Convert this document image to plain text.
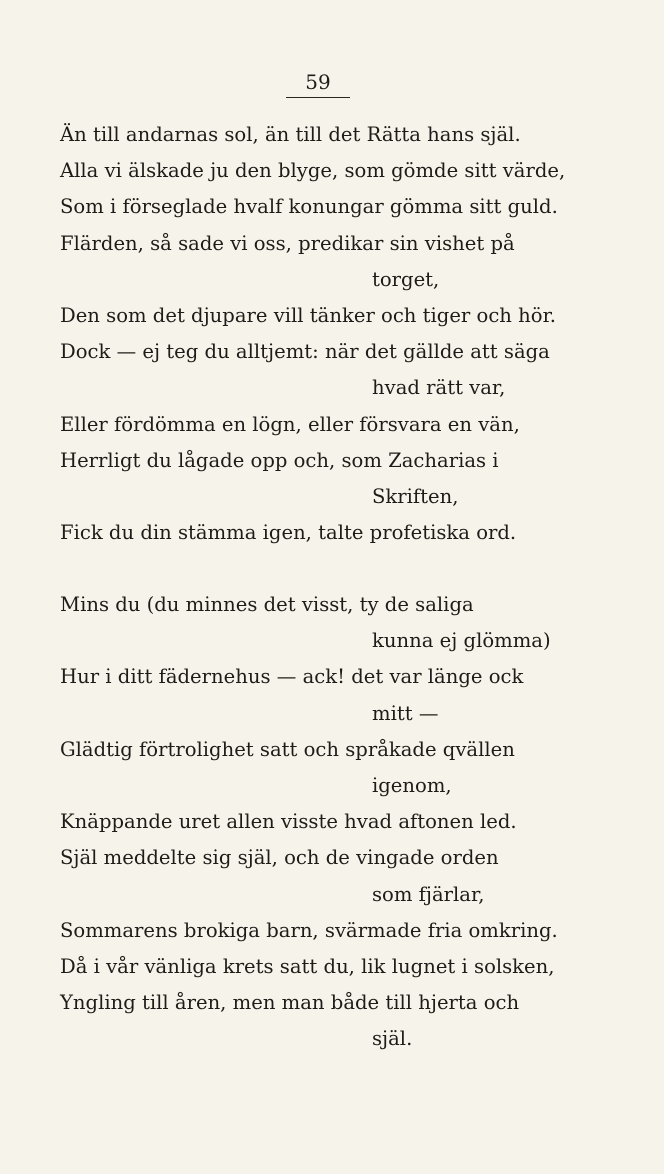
59
Än till andarnas sol, än till det Rätta hans själ.
Alla vi älskade ju den blyge, som gömde sitt värde,
Som i förseglade hvalf konungar gömma sitt guld.
Flärden, så sade vi oss, predikar sin vishet på
torget,
Den som det djupare vill tänker och tiger och hör.
Dock — ej teg du alltjemt: när det gällde att säga
hvad rätt var,
Eller fördömma en lögn, eller försvara en vän,
Herrligt du lågade opp och, som Zacharias i
Skriften,
Fick du din stämma igen, talte profetiska ord.
Mins du (du minnes det visst, ty de saliga
kunna ej glömma)
Hur i ditt fädernehus — ack! det var länge ock
mitt —
Glädtig förtrolighet satt och språkade qvällen
igenom,
Knäppande uret allen visste hvad aftonen led.
Själ meddelte sig själ, och de vingade orden
som fjärlar,
Sommarens brokiga barn, svärmade fria omkring.
Då i vår vänliga krets satt du, lik lugnet i solsken,
Yngling till åren, men man både till hjerta och
själ.
